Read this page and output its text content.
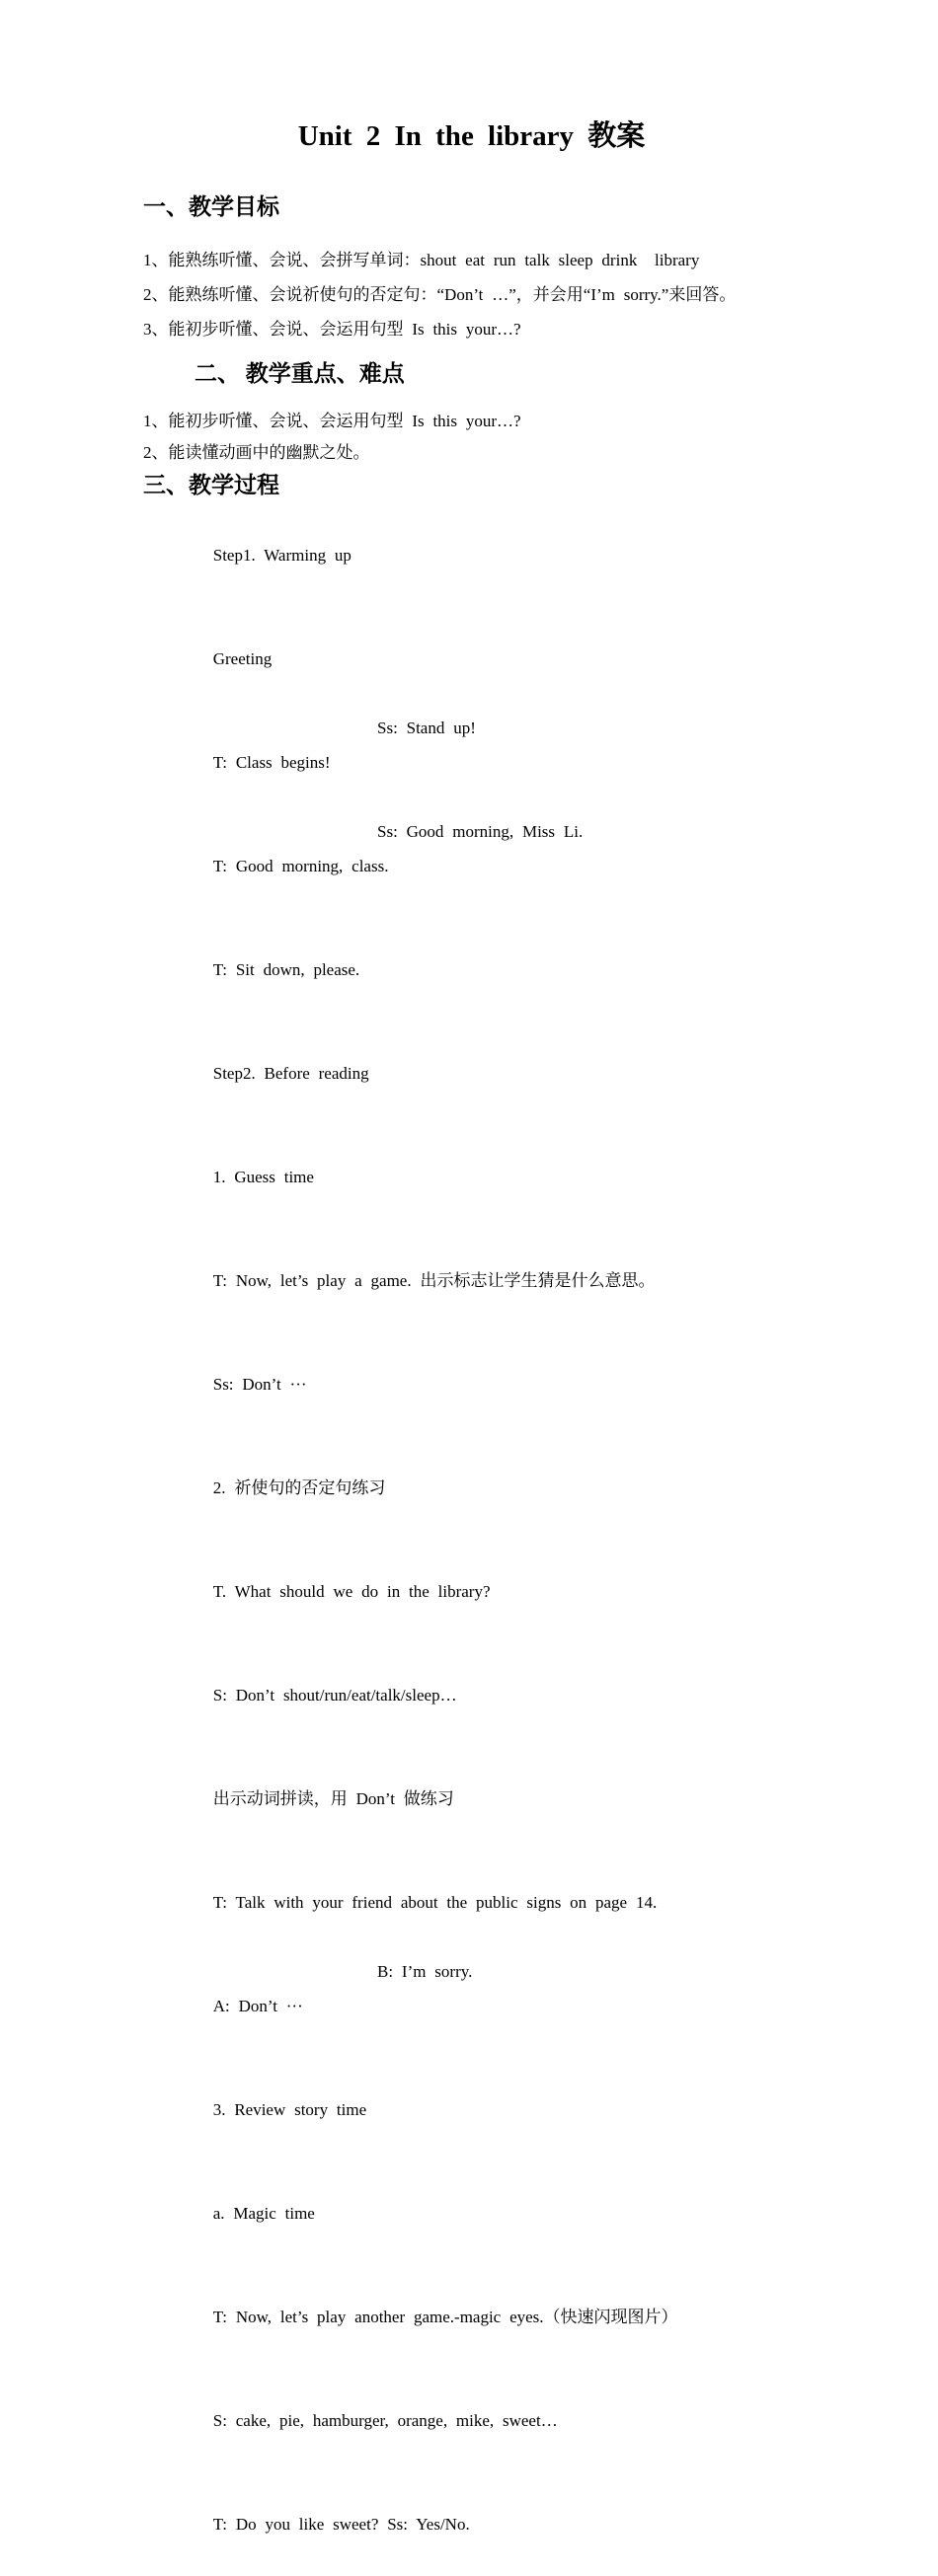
Unit 2 In the library 教案

一、教学目标

1、能熟练听懂、会说、会拼写单词：shout eat run talk sleep drink  library

2、能熟练听懂、会说祈使句的否定句：“Don’t …”，并会用“I’m sorry.”来回答。

3、能初步听懂、会说、会运用句型 Is this your…?

二、 教学重点、难点

1、能初步听懂、会说、会运用句型 Is this your…?

2、能读懂动画中的幽默之处。

三、教学过程

Step1. Warming up

Greeting

T: Class begins!
Ss: Stand up!

T: Good morning, class.
Ss: Good morning, Miss Li.

T: Sit down, please.

Step2. Before reading

1. Guess time

T: Now, let’s play a game. 出示标志让学生猜是什么意思。

Ss: Don’t ···

2. 祈使句的否定句练习

T. What should we do in the library?

S: Don’t shout/run/eat/talk/sleep…

出示动词拼读，用 Don’t 做练习

T: Talk with your friend about the public signs on page 14.

A: Don’t ···
B: I’m sorry.

3. Review story time

a. Magic time

T: Now, let’s play another game.-magic eyes.（快速闪现图片）

S: cake, pie, hamburger, orange, mike, sweet…

T: Do you like sweet? Ss: Yes/No.
